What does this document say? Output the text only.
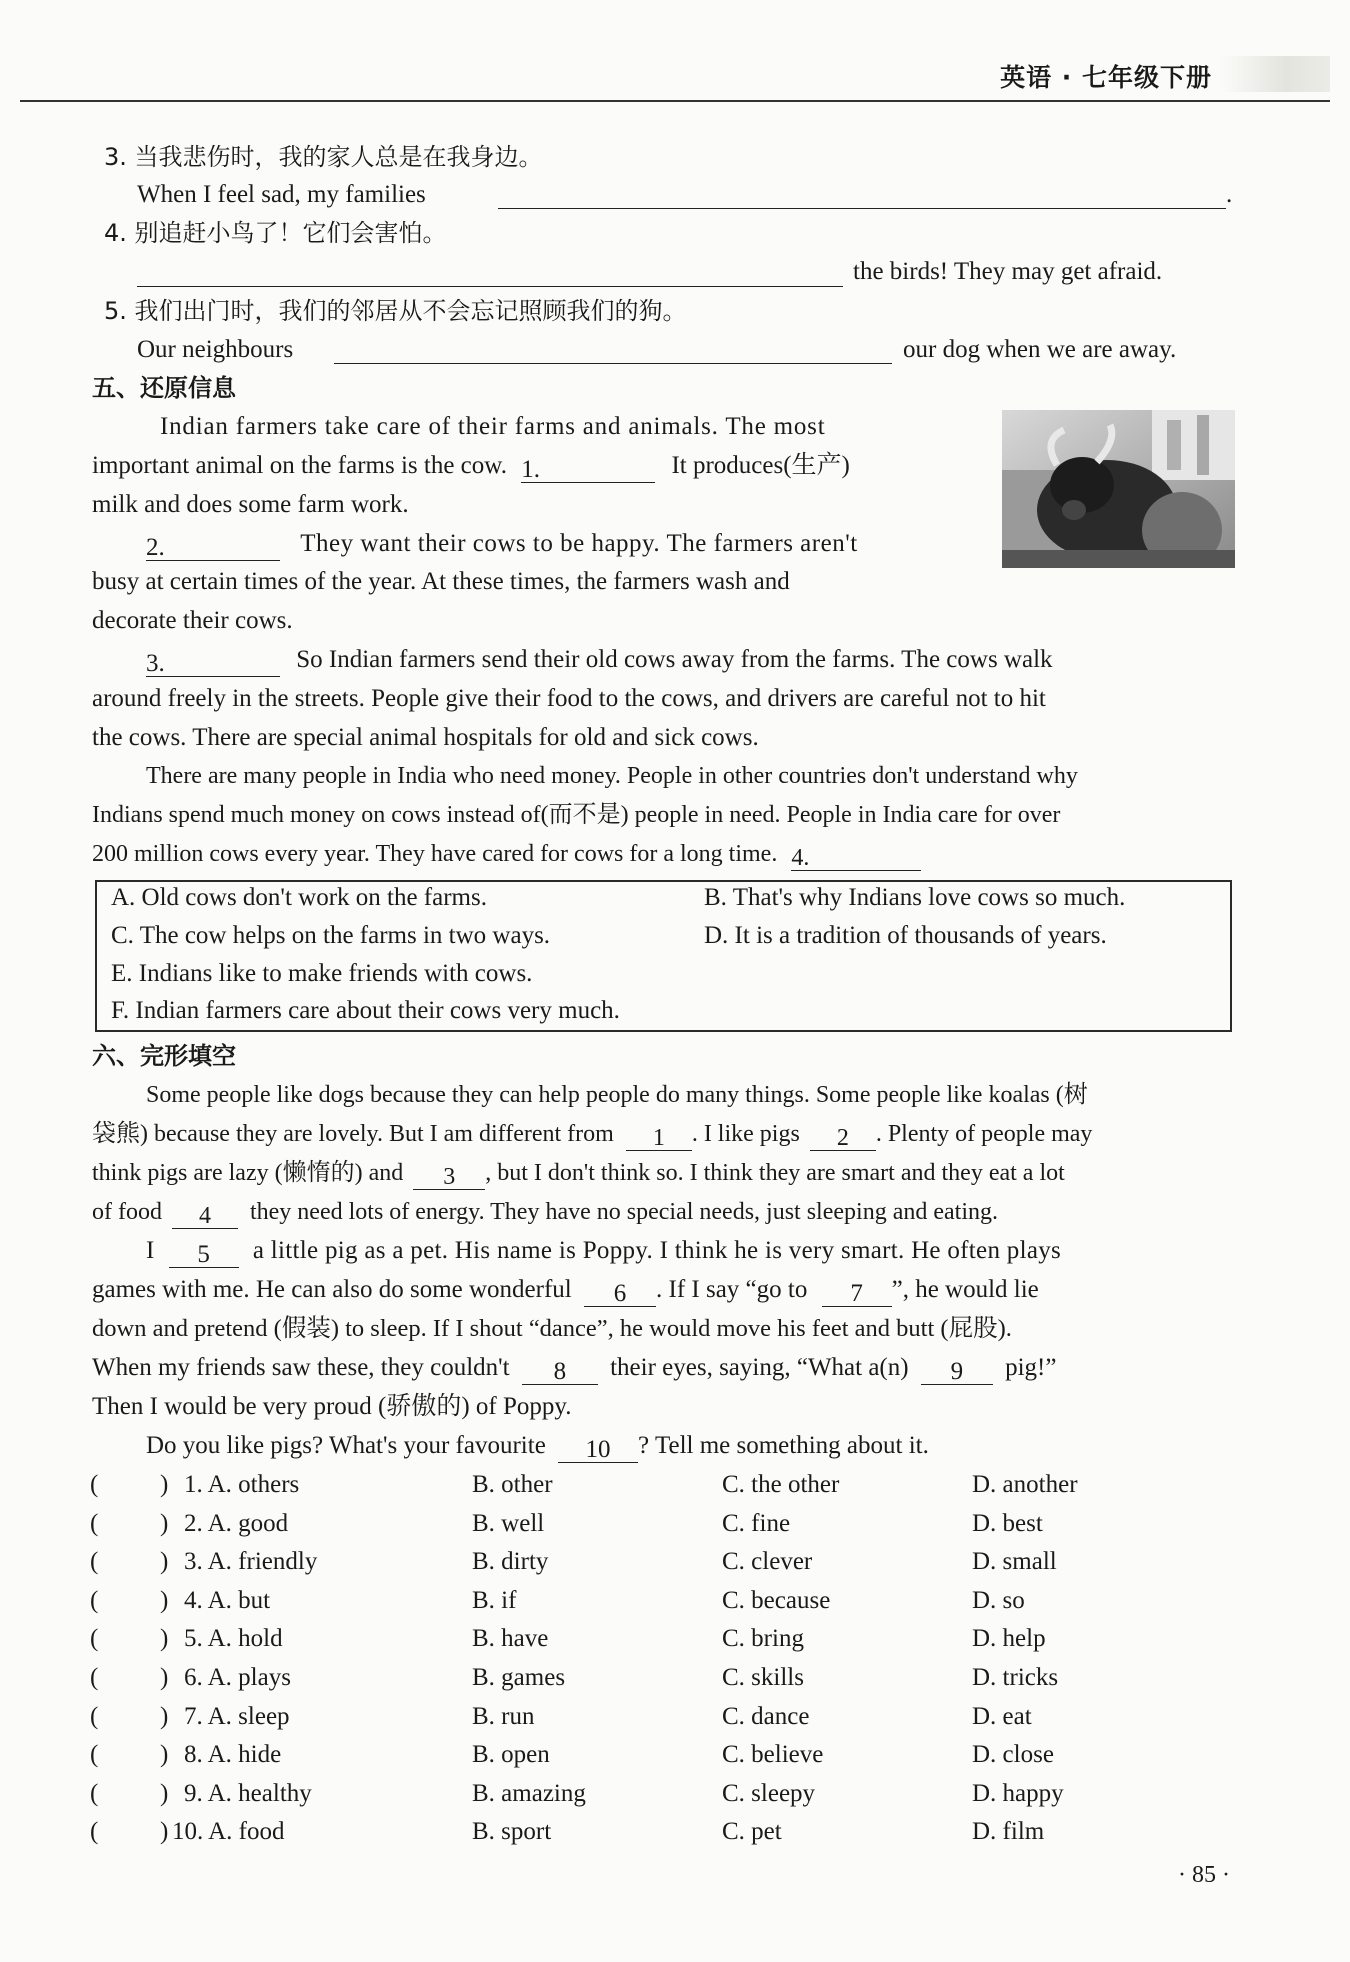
英语 · 七年级下册
3. 当我悲伤时，我的家人总是在我身边。
When I feel sad, my families	.
4. 别追赶小鸟了！它们会害怕。
the birds! They may get afraid.
5. 我们出门时，我们的邻居从不会忘记照顾我们的狗。
Our neighbours	our dog when we are away.
五、还原信息
Indian farmers take care of their farms and animals. The most
important animal on the farms is the cow. 1.	It produces(生产)
milk and does some farm work.
2.	They want their cows to be happy. The farmers aren't
busy at certain times of the year. At these times, the farmers wash and
decorate their cows.
3.	So Indian farmers send their old cows away from the farms. The cows walk
around freely in the streets. People give their food to the cows, and drivers are careful not to hit
the cows. There are special animal hospitals for old and sick cows.
There are many people in India who need money. People in other countries don't understand why
Indians spend much money on cows instead of(而不是) people in need. People in India care for over
200 million cows every year. They have cared for cows for a long time. 4.
A. Old cows don't work on the farms.	B. That's why Indians love cows so much.
C. The cow helps on the farms in two ways.	D. It is a tradition of thousands of years.
E. Indians like to make friends with cows.
F. Indian farmers care about their cows very much.
六、完形填空
Some people like dogs because they can help people do many things. Some people like koalas (树
袋熊) because they are lovely. But I am different from 1 . I like pigs 2 . Plenty of people may
think pigs are lazy (懒惰的) and 3 , but I don't think so. I think they are smart and they eat a lot
of food 4 they need lots of energy. They have no special needs, just sleeping and eating.
I 5 a little pig as a pet. His name is Poppy. I think he is very smart. He often plays
games with me. He can also do some wonderful 6 . If I say “go to 7 ”, he would lie
down and pretend (假装) to sleep. If I shout “dance”, he would move his feet and butt (屁股).
When my friends saw these, they couldn't 8 their eyes, saying, “What a(n) 9 pig!”
Then I would be very proud (骄傲的) of Poppy.
Do you like pigs? What's your favourite 10 ? Tell me something about it.
( ) 1. A. others	B. other	C. the other	D. another
( ) 2. A. good	B. well	C. fine	D. best
( ) 3. A. friendly	B. dirty	C. clever	D. small
( ) 4. A. but	B. if	C. because	D. so
( ) 5. A. hold	B. have	C. bring	D. help
( ) 6. A. plays	B. games	C. skills	D. tricks
( ) 7. A. sleep	B. run	C. dance	D. eat
( ) 8. A. hide	B. open	C. believe	D. close
( ) 9. A. healthy	B. amazing	C. sleepy	D. happy
( ) 10. A. food	B. sport	C. pet	D. film
· 85 ·
